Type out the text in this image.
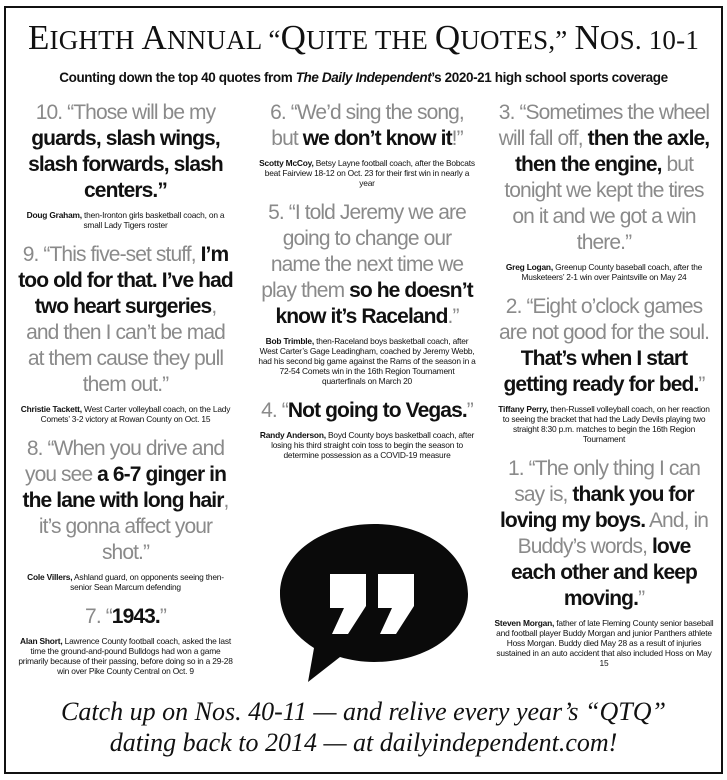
EIGHTH ANNUAL “QUITE THE QUOTES,” NOS. 10-1
Counting down the top 40 quotes from The Daily Independent’s 2020-21 high school sports coverage
10. “Those will be my
guards, slash wings, slash forwards, slash centers.”
Doug Graham, then-Ironton girls basketball coach, on a small Lady Tigers roster
9. “This five-set stuff, I’m too old for that. I’ve had two heart surgeries, and then I can’t be mad at them cause they pull them out.”
Christie Tackett, West Carter volleyball coach, on the Lady Comets’ 3-2 victory at Rowan County on Oct. 15
8. “When you drive and you see a 6-7 ginger in the lane with long hair, it’s gonna affect your shot.”
Cole Villers, Ashland guard, on opponents seeing then-senior Sean Marcum defending
7. “1943.”
Alan Short, Lawrence County football coach, asked the last time the ground-and-pound Bulldogs had won a game primarily because of their passing, before doing so in a 29-28 win over Pike County Central on Oct. 9
6. “We’d sing the song, but we don’t know it!”
Scotty McCoy, Betsy Layne football coach, after the Bobcats beat Fairview 18-12 on Oct. 23 for their first win in nearly a year
5. “I told Jeremy we are going to change our name the next time we play them so he doesn’t know it’s Raceland.”
Bob Trimble, then-Raceland boys basketball coach, after West Carter’s Gage Leadingham, coached by Jeremy Webb, had his second big game against the Rams of the season in a 72-54 Comets win in the 16th Region Tournament quarterfinals on March 20
4. “Not going to Vegas.”
Randy Anderson, Boyd County boys basketball coach, after losing his third straight coin toss to begin the season to determine possession as a COVID-19 measure
3. “Sometimes the wheel will fall off, then the axle, then the engine, but tonight we kept the tires on it and we got a win there.”
Greg Logan, Greenup County baseball coach, after the Musketeers’ 2-1 win over Paintsville on May 24
2. “Eight o’clock games are not good for the soul. That’s when I start getting ready for bed.”
Tiffany Perry, then-Russell volleyball coach, on her reaction to seeing the bracket that had the Lady Devils playing two straight 8:30 p.m. matches to begin the 16th Region Tournament
1. “The only thing I can say is, thank you for loving my boys. And, in Buddy’s words, love each other and keep moving.”
Steven Morgan, father of late Fleming County senior baseball and football player Buddy Morgan and junior Panthers athlete Hoss Morgan. Buddy died May 28 as a result of injuries sustained in an auto accident that also included Hoss on May 15
Catch up on Nos. 40-11 — and relive every year’s “QTQ”
dating back to 2014 — at dailyindependent.com!
